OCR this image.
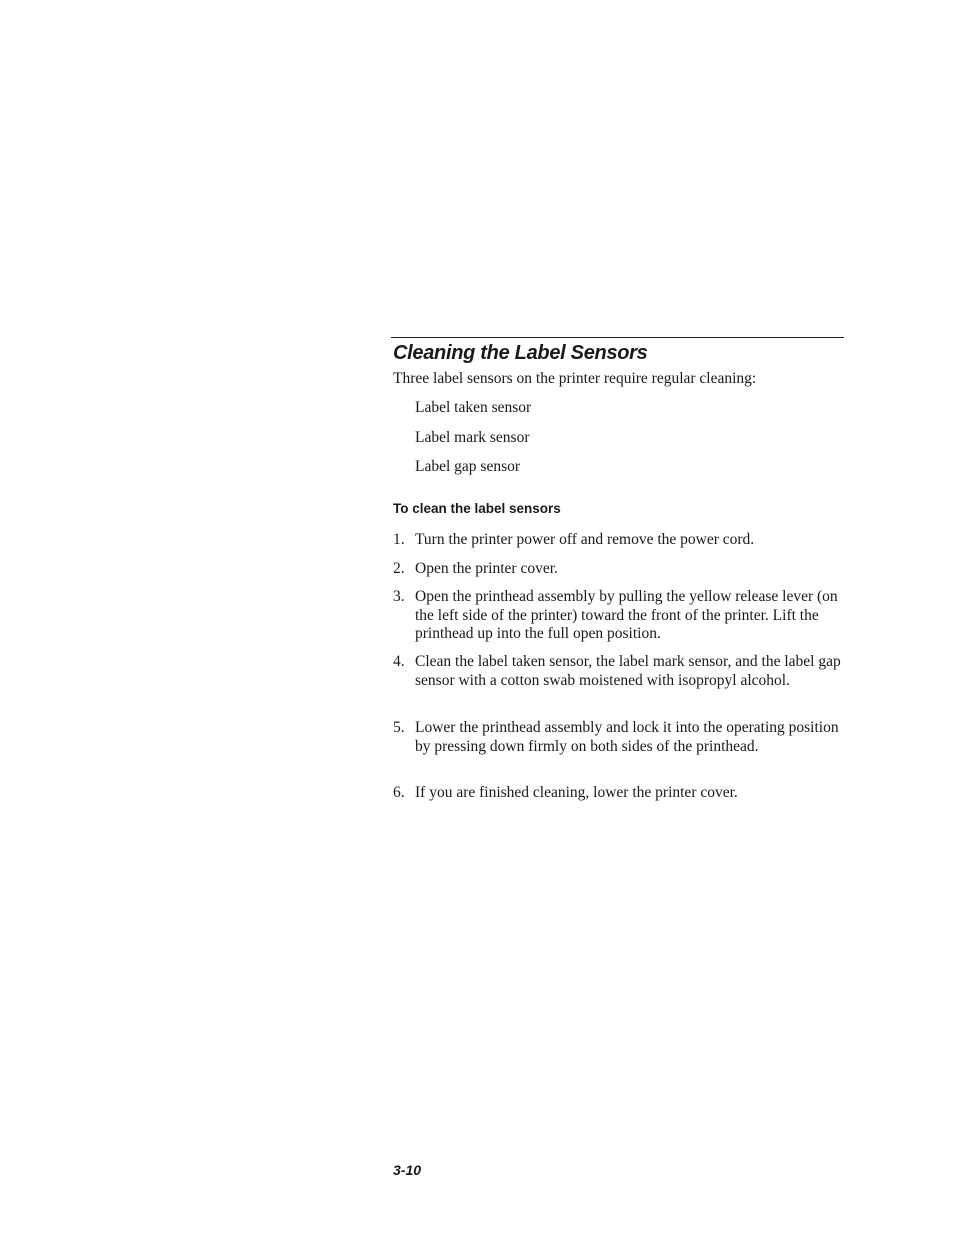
Cleaning the Label Sensors
Three label sensors on the printer require regular cleaning:
Label taken sensor
Label mark sensor
Label gap sensor
To clean the label sensors
1. Turn the printer power off and remove the power cord.
2. Open the printer cover.
3. Open the printhead assembly by pulling the yellow release lever (on the left side of the printer) toward the front of the printer. Lift the printhead up into the full open position.
4. Clean the label taken sensor, the label mark sensor, and the label gap sensor with a cotton swab moistened with isopropyl alcohol.
5. Lower the printhead assembly and lock it into the operating position by pressing down firmly on both sides of the printhead.
6. If you are finished cleaning, lower the printer cover.
3-10
